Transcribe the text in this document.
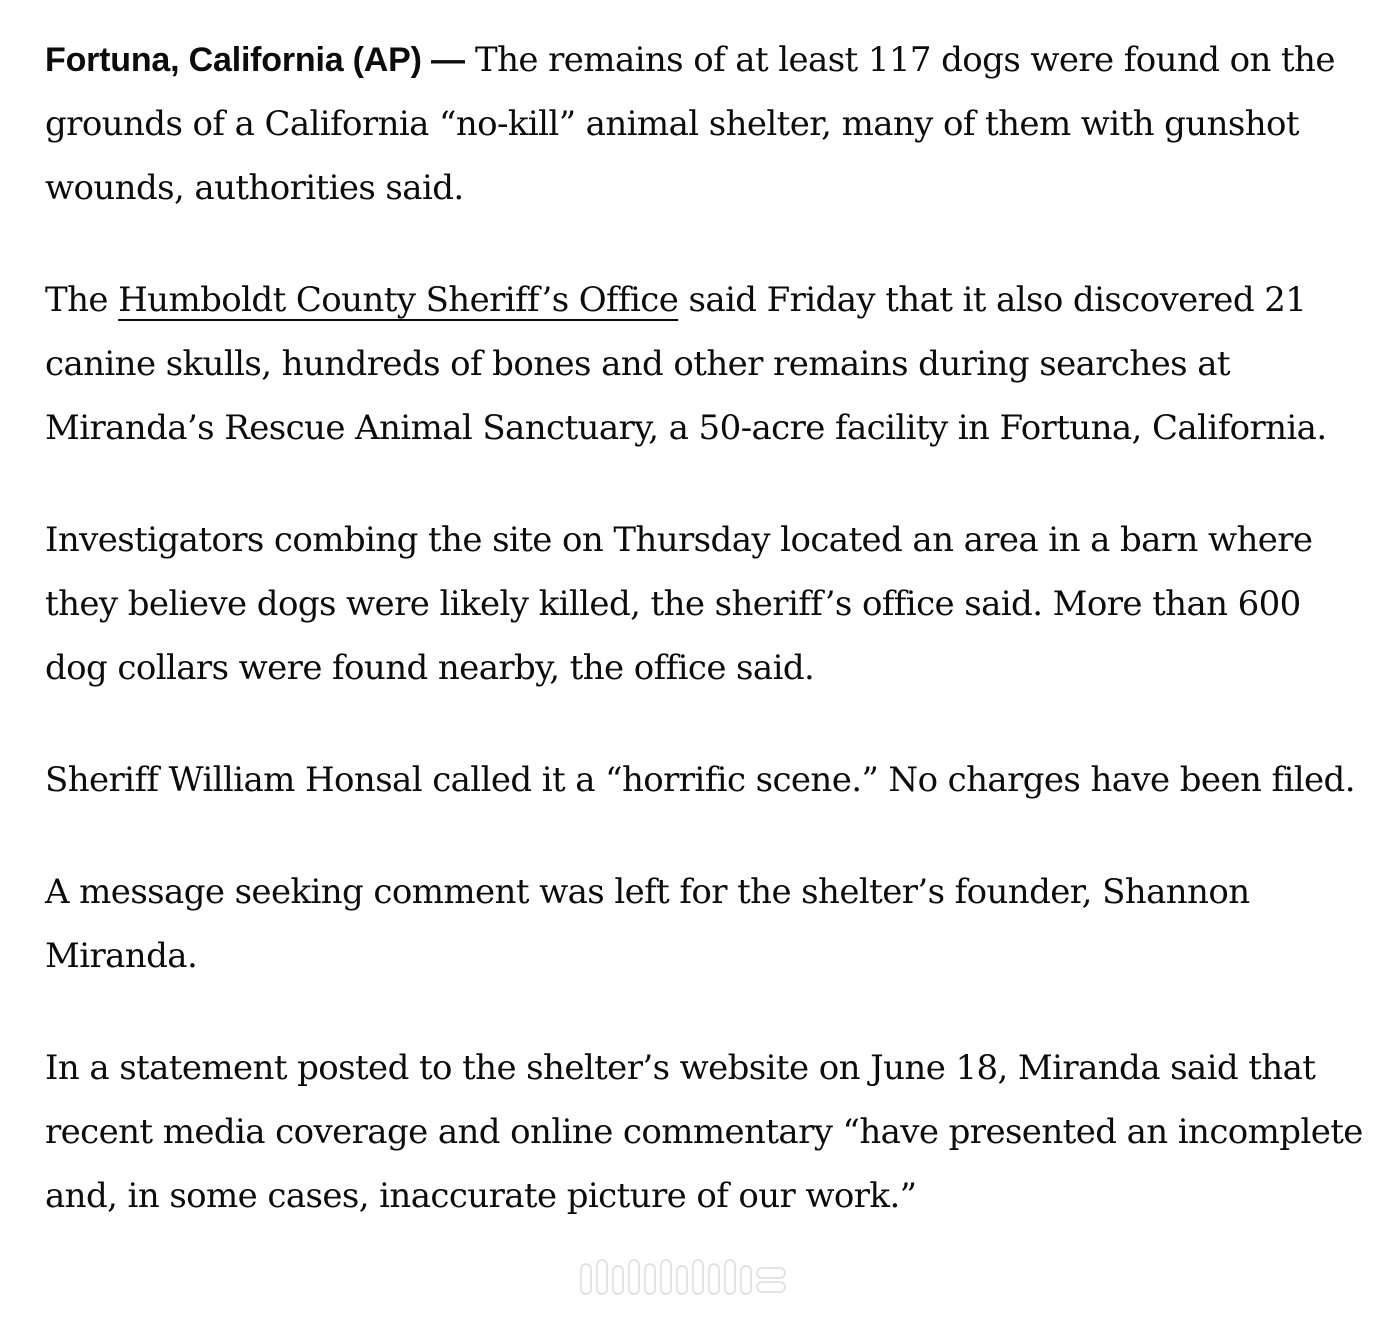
Fortuna, California (AP) — The remains of at least 117 dogs were found on the grounds of a California “no-kill” animal shelter, many of them with gunshot wounds, authorities said.

The Humboldt County Sheriff’s Office said Friday that it also discovered 21 canine skulls, hundreds of bones and other remains during searches at Miranda’s Rescue Animal Sanctuary, a 50-acre facility in Fortuna, California.

Investigators combing the site on Thursday located an area in a barn where they believe dogs were likely killed, the sheriff’s office said. More than 600 dog collars were found nearby, the office said.

Sheriff William Honsal called it a “horrific scene.” No charges have been filed.

A message seeking comment was left for the shelter’s founder, Shannon Miranda.

In a statement posted to the shelter’s website on June 18, Miranda said that recent media coverage and online commentary “have presented an incomplete and, in some cases, inaccurate picture of our work.”
